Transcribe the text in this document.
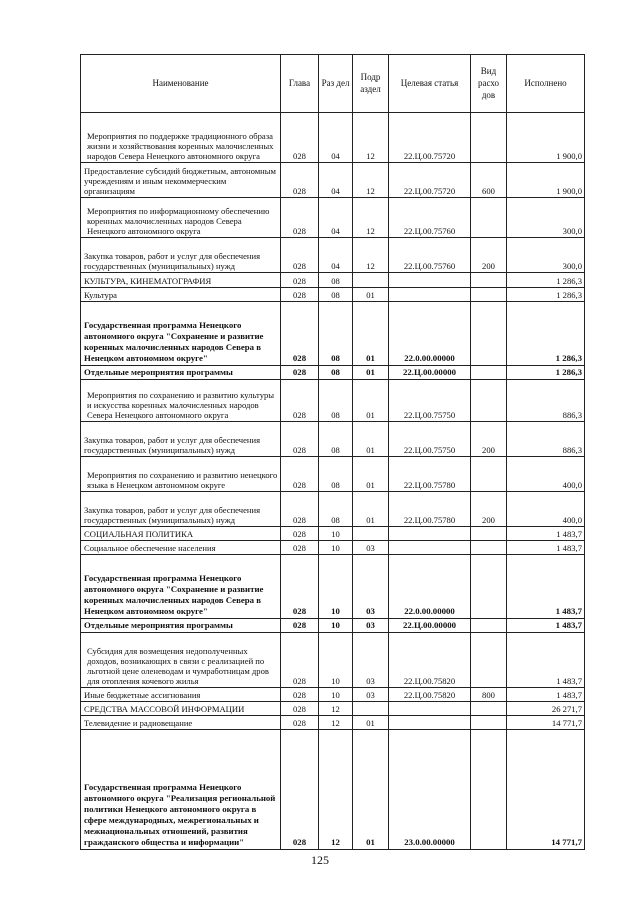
Наименование	Глава	Раз дел	Подр аздел	Целевая статья	Вид расхо дов	Исполнено
Мероприятия по поддержке традиционного образа жизни и хозяйствования коренных малочисленных народов Севера Ненецкого автономного округа	028	04	12	22.Ц.00.75720		1 900,0
Предоставление субсидий бюджетным, автономным учреждениям и иным некоммерческим организациям	028	04	12	22.Ц.00.75720	600	1 900,0
Мероприятия по информационному обеспечению коренных малочисленных народов Севера Ненецкого автономного округа	028	04	12	22.Ц.00.75760		300,0
Закупка товаров, работ и услуг для обеспечения государственных (муниципальных) нужд	028	04	12	22.Ц.00.75760	200	300,0
КУЛЬТУРА, КИНЕМАТОГРАФИЯ	028	08				1 286,3
Культура	028	08	01			1 286,3
Государственная программа Ненецкого автономного округа "Сохранение и развитие коренных малочисленных народов Севера в Ненецком автономном округе"	028	08	01	22.0.00.00000		1 286,3
Отдельные мероприятия программы	028	08	01	22.Ц.00.00000		1 286,3
Мероприятия по сохранению и развитию культуры и искусства коренных малочисленных народов Севера Ненецкого автономного округа	028	08	01	22.Ц.00.75750		886,3
Закупка товаров, работ и услуг для обеспечения государственных (муниципальных) нужд	028	08	01	22.Ц.00.75750	200	886,3
Мероприятия по сохранению и развитию ненецкого языка в Ненецком автономном округе	028	08	01	22.Ц.00.75780		400,0
Закупка товаров, работ и услуг для обеспечения государственных (муниципальных) нужд	028	08	01	22.Ц.00.75780	200	400,0
СОЦИАЛЬНАЯ ПОЛИТИКА	028	10				1 483,7
Социальное обеспечение населения	028	10	03			1 483,7
Государственная программа Ненецкого автономного округа "Сохранение и развитие коренных малочисленных народов Севера в Ненецком автономном округе"	028	10	03	22.0.00.00000		1 483,7
Отдельные мероприятия программы	028	10	03	22.Ц.00.00000		1 483,7
Субсидия для возмещения недополученных доходов, возникающих в связи с реализацией по льготной цене оленеводам и чумработницам дров для отопления кочевого жилья	028	10	03	22.Ц.00.75820		1 483,7
Иные бюджетные ассигнования	028	10	03	22.Ц.00.75820	800	1 483,7
СРЕДСТВА МАССОВОЙ ИНФОРМАЦИИ	028	12				26 271,7
Телевидение и радиовещание	028	12	01			14 771,7
Государственная программа Ненецкого автономного округа "Реализация региональной политики Ненецкого автономного округа в сфере международных, межрегиональных и межнациональных отношений, развития гражданского общества и информации"	028	12	01	23.0.00.00000		14 771,7
125
